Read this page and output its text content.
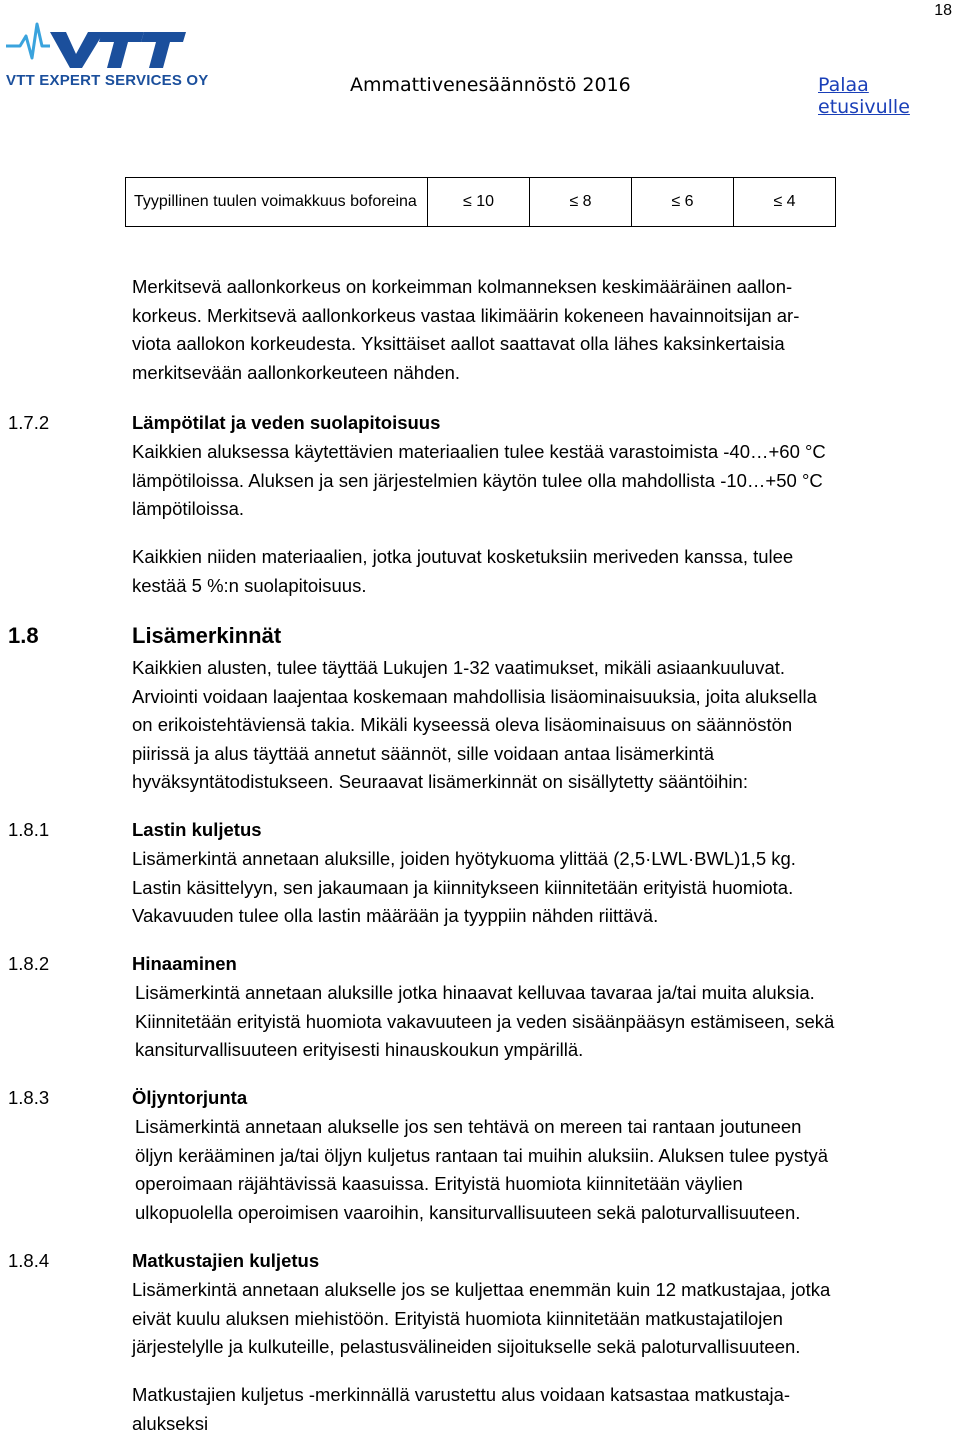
18
VTT EXPERT SERVICES OY	Ammattivenesäännöstö 2016	Palaa etusivulle
Tyypillinen tuulen voimakkuus boforeina	≤ 10	≤ 8	≤ 6	≤ 4
Merkitsevä aallonkorkeus on korkeimman kolmanneksen keskimääräinen aallon-
korkeus. Merkitsevä aallonkorkeus vastaa likimäärin kokeneen havainnoitsijan ar-
viota aallokon korkeudesta. Yksittäiset aallot saattavat olla lähes kaksinkertaisia
merkitsevään aallonkorkeuteen nähden.
1.7.2	Lämpötilat ja veden suolapitoisuus
Kaikkien aluksessa käytettävien materiaalien tulee kestää varastoimista -40…+60 °C
lämpötiloissa. Aluksen ja sen järjestelmien käytön tulee olla mahdollista -10…+50 °C
lämpötiloissa.
Kaikkien niiden materiaalien, jotka joutuvat kosketuksiin meriveden kanssa, tulee
kestää 5 %:n suolapitoisuus.
1.8	Lisämerkinnät
Kaikkien alusten, tulee täyttää Lukujen 1-32 vaatimukset, mikäli asiaankuuluvat.
Arviointi voidaan laajentaa koskemaan mahdollisia lisäominaisuuksia, joita aluksella
on erikoistehtäviensä takia. Mikäli kyseessä oleva lisäominaisuus on säännöstön
piirissä ja alus täyttää annetut säännöt, sille voidaan antaa lisämerkintä
hyväksyntätodistukseen. Seuraavat lisämerkinnät on sisällytetty sääntöihin:
1.8.1	Lastin kuljetus
Lisämerkintä annetaan aluksille, joiden hyötykuoma ylittää (2,5·LWL·BWL)1,5 kg.
Lastin käsittelyyn, sen jakaumaan ja kiinnitykseen kiinnitetään erityistä huomiota.
Vakavuuden tulee olla lastin määrään ja tyyppiin nähden riittävä.
1.8.2	Hinaaminen
Lisämerkintä annetaan aluksille jotka hinaavat kelluvaa tavaraa ja/tai muita aluksia.
Kiinnitetään erityistä huomiota vakavuuteen ja veden sisäänpääsyn estämiseen, sekä
kansiturvallisuuteen erityisesti hinauskoukun ympärillä.
1.8.3	Öljyntorjunta
Lisämerkintä annetaan alukselle jos sen tehtävä on mereen tai rantaan joutuneen
öljyn kerääminen ja/tai öljyn kuljetus rantaan tai muihin aluksiin. Aluksen tulee pystyä
operoimaan räjähtävissä kaasuissa. Erityistä huomiota kiinnitetään väylien
ulkopuolella operoimisen vaaroihin, kansiturvallisuuteen sekä paloturvallisuuteen.
1.8.4	Matkustajien kuljetus
Lisämerkintä annetaan alukselle jos se kuljettaa enemmän kuin 12 matkustajaa, jotka
eivät kuulu aluksen miehistöön. Erityistä huomiota kiinnitetään matkustajatilojen
järjestelylle ja kulkuteille, pelastusvälineiden sijoitukselle sekä paloturvallisuuteen.
Matkustajien kuljetus -merkinnällä varustettu alus voidaan katsastaa matkustaja-
alukseksi
